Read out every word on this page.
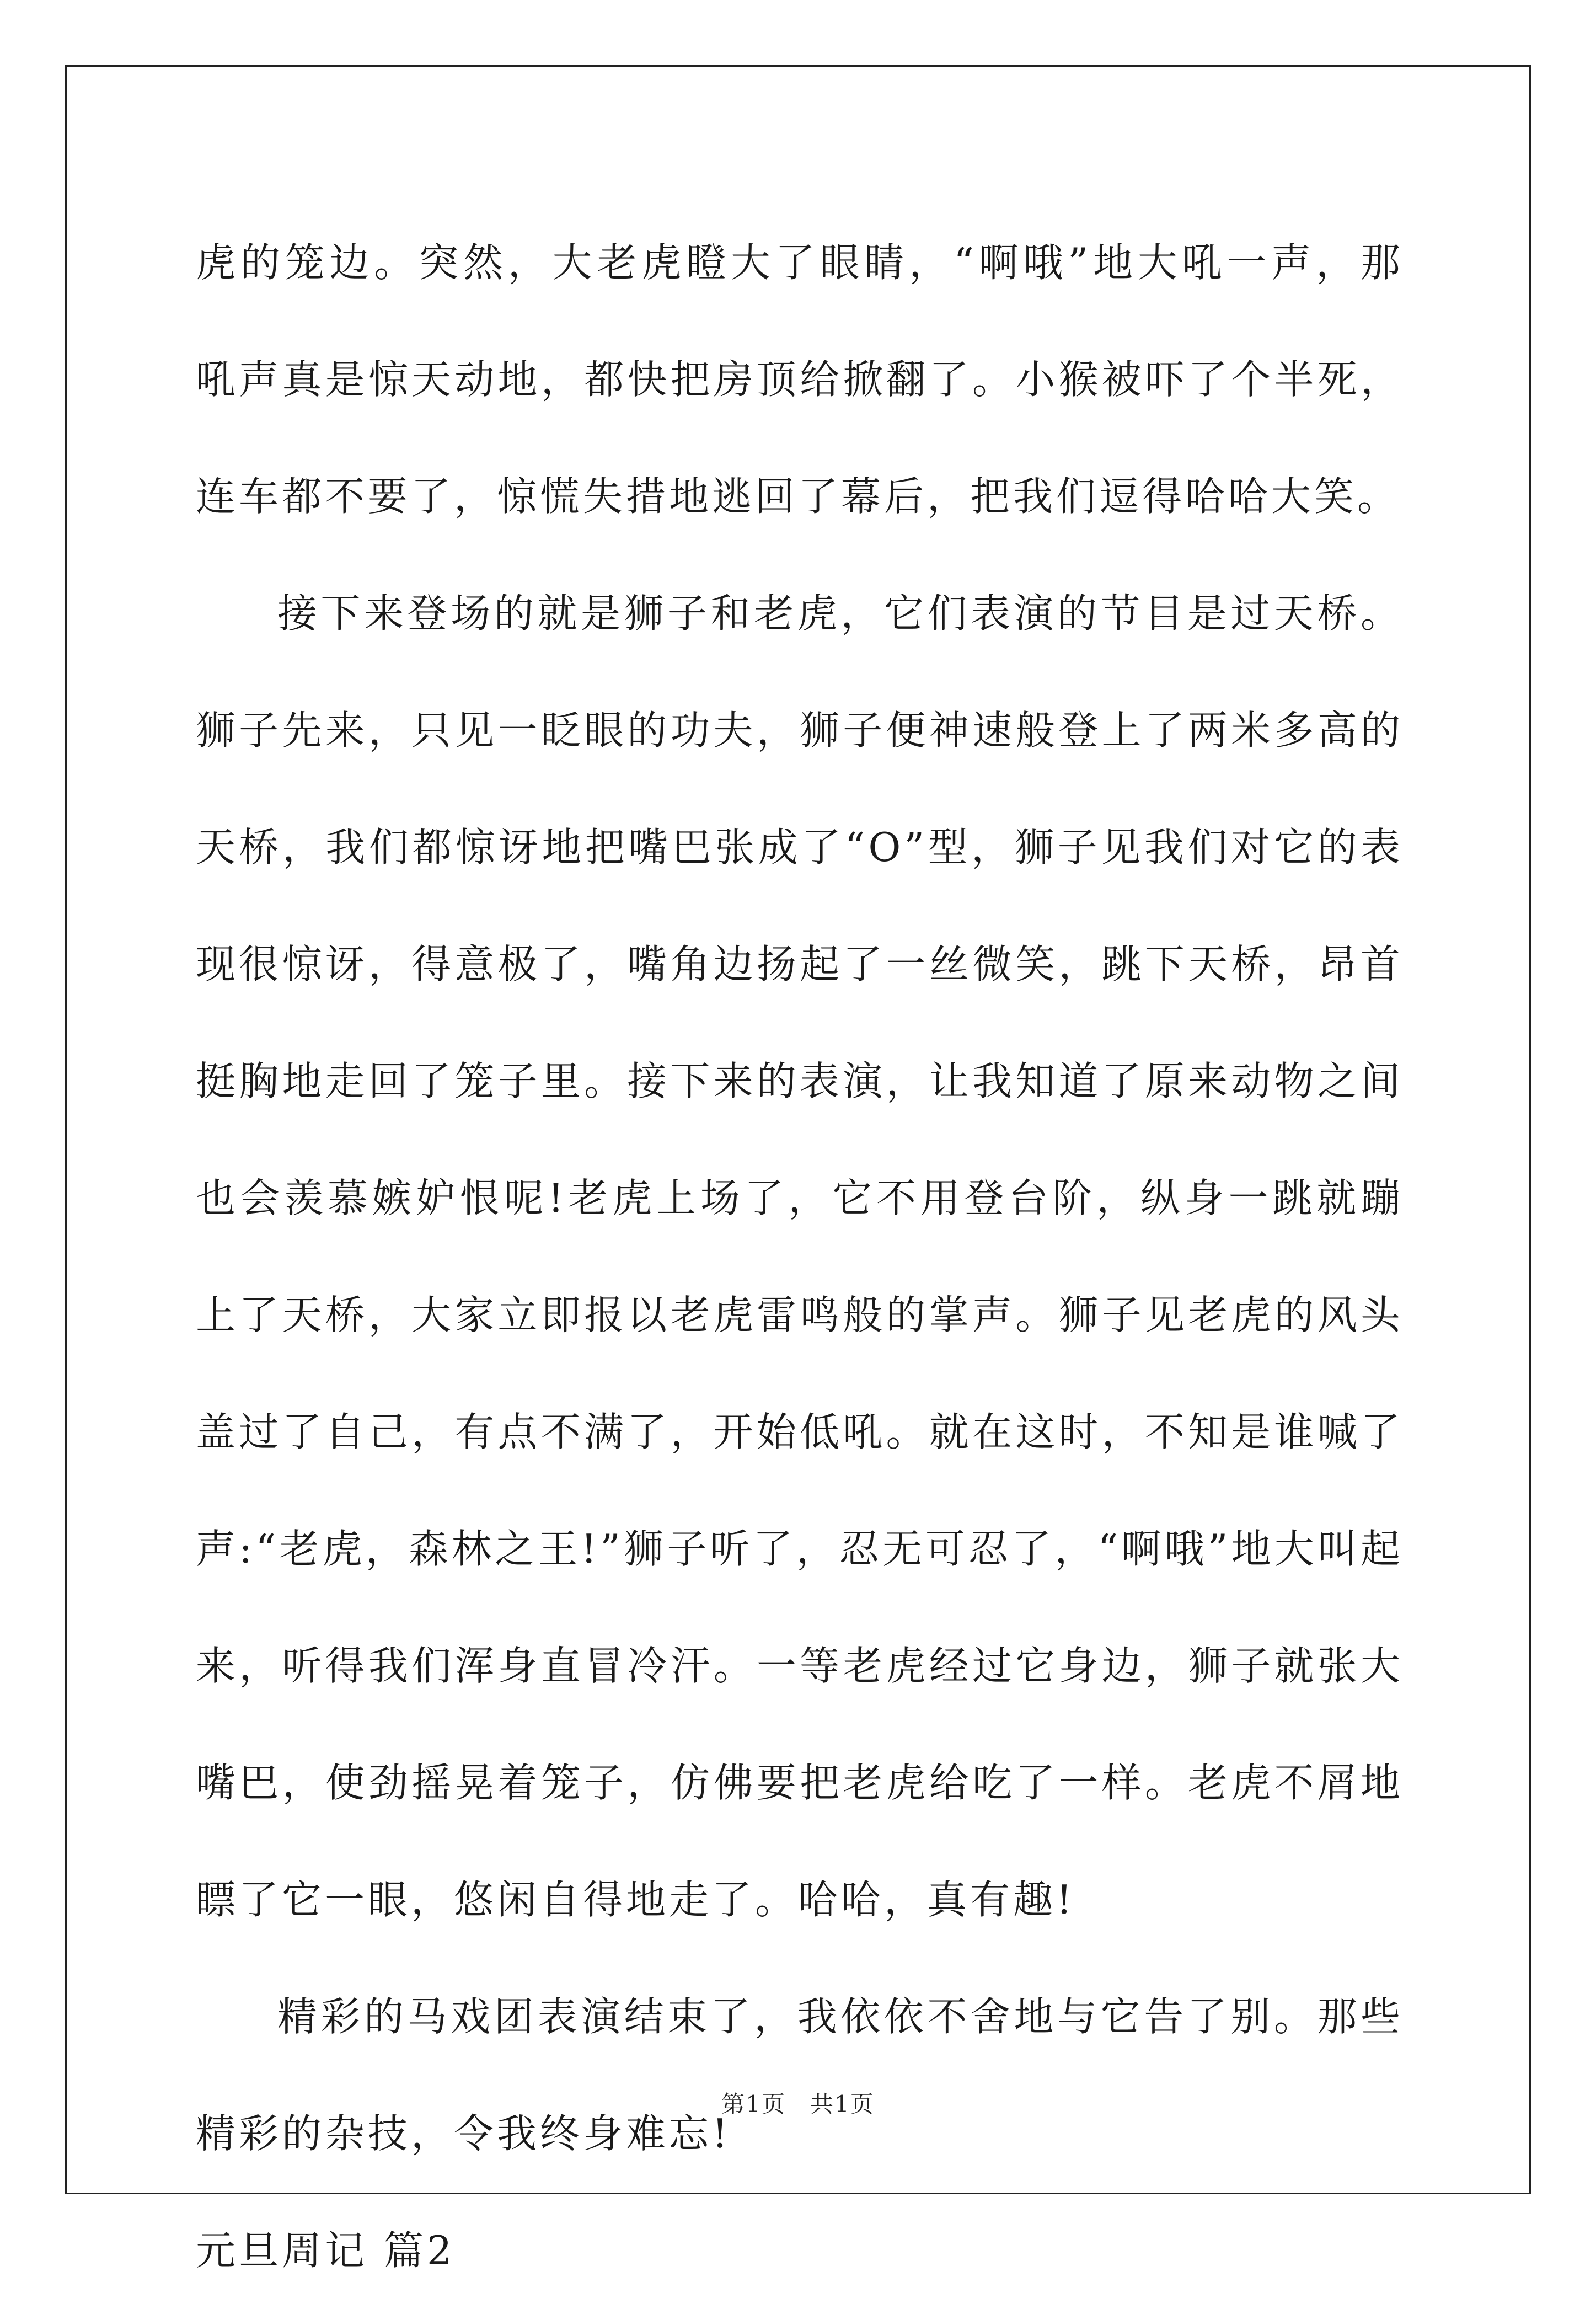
虎的笼边。突然，大老虎瞪大了眼睛，“啊哦”地大吼一声，那吼声真是惊天动地，都快把房顶给掀翻了。小猴被吓了个半死，连车都不要了，惊慌失措地逃回了幕后，把我们逗得哈哈大笑。

接下来登场的就是狮子和老虎，它们表演的节目是过天桥。狮子先来，只见一眨眼的功夫，狮子便神速般登上了两米多高的天桥，我们都惊讶地把嘴巴张成了“O”型，狮子见我们对它的表现很惊讶，得意极了，嘴角边扬起了一丝微笑，跳下天桥，昂首挺胸地走回了笼子里。接下来的表演，让我知道了原来动物之间也会羡慕嫉妒恨呢!老虎上场了，它不用登台阶，纵身一跳就蹦上了天桥，大家立即报以老虎雷鸣般的掌声。狮子见老虎的风头盖过了自己，有点不满了，开始低吼。就在这时，不知是谁喊了声:“老虎，森林之王!”狮子听了，忍无可忍了，“啊哦”地大叫起来，听得我们浑身直冒冷汗。一等老虎经过它身边，狮子就张大嘴巴，使劲摇晃着笼子，仿佛要把老虎给吃了一样。老虎不屑地瞟了它一眼，悠闲自得地走了。哈哈，真有趣!

精彩的马戏团表演结束了，我依依不舍地与它告了别。那些精彩的杂技，令我终身难忘!

元旦周记 篇2

第1页　共1页
